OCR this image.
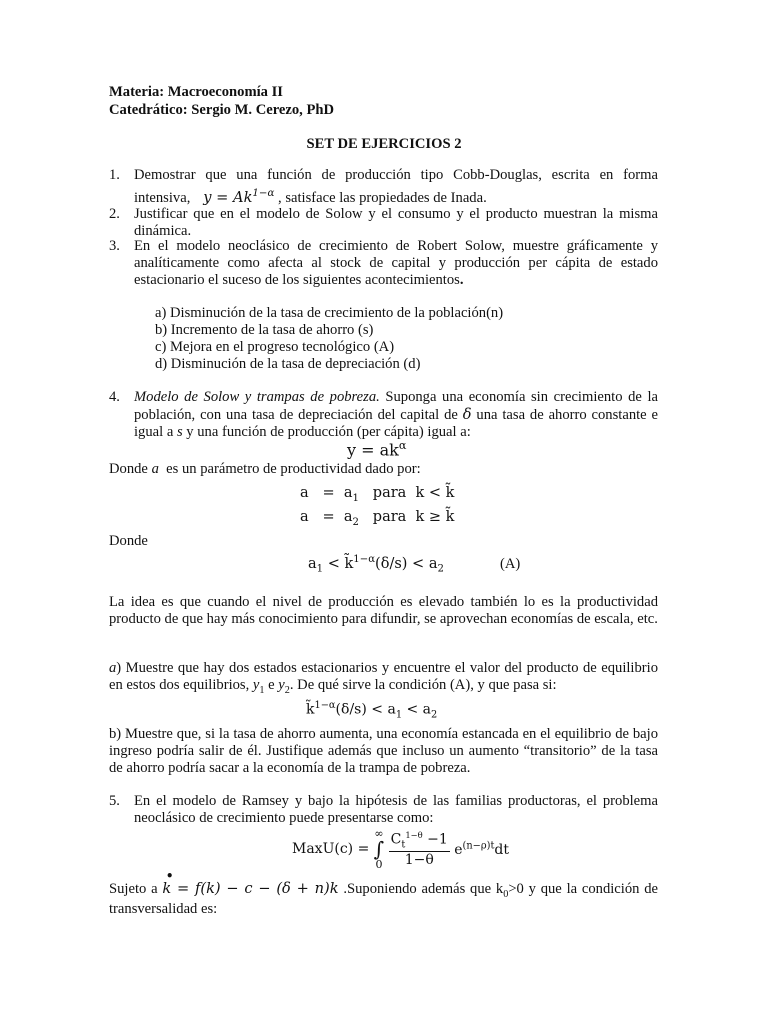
Materia: Macroeconomía II
Catedrático: Sergio M. Cerezo, PhD
SET DE EJERCICIOS 2
1. Demostrar que una función de producción tipo Cobb-Douglas, escrita en forma
intensiva,   $y = Ak^{1-\alpha}$ , satisface las propiedades de Inada.
2. Justificar que en el modelo de Solow y el consumo y el producto muestran la misma dinámica.
3. En el modelo neoclásico de crecimiento de Robert Solow, muestre gráficamente y analíticamente como afecta al stock de capital y producción per cápita de estado estacionario el suceso de los siguientes acontecimientos.
a) Disminución de la tasa de crecimiento de la población(n)
b) Incremento de la tasa de ahorro (s)
c) Mejora en el progreso tecnológico (A)
d) Disminución de la tasa de depreciación (d)
4. Modelo de Solow y trampas de pobreza. Suponga una economía sin crecimiento de la población, con una tasa de depreciación del capital de δ una tasa de ahorro constante e igual a s y una función de producción (per cápita) igual a:
$y = ak^\alpha$
Donde a  es un parámetro de productividad dado por:
$a = a_1$ para  k < k̃
$a = a_2$ para  k ≥ k̃
Donde
$a_1$ < k̃$^{1-\alpha}$(δ/s) < $a_2$	(A)
La idea es que cuando el nivel de producción es elevado también lo es la productividad producto de que hay más conocimiento para difundir, se aprovechan economías de escala, etc.
a) Muestre que hay dos estados estacionarios y encuentre el valor del producto de equilibrio en estos dos equilibrios, $y_1$ e $y_2$. De qué sirve la condición (A), y que pasa si:
k̃$^{1-\alpha}$(δ/s) < $a_1 < a_2$
b) Muestre que, si la tasa de ahorro aumenta, una economía estancada en el equilibrio de bajo ingreso podría salir de él. Justifique además que incluso un aumento “transitorio” de la tasa de ahorro podría sacar a la economía de la trampa de pobreza.
5. En el modelo de Ramsey y bajo la hipótesis de las familias productoras, el problema neoclásico de crecimiento puede presentarse como:
MaxU(c) =
∞
∫
0
$\frac{C_t^{1-\theta} -1}{1-\theta} e^{(n-\rho)t}dt$
Sujeto a k
•
= f(k) − c − (δ + n)k .Suponiendo además que $k_0>0$ y que la condición de
transversalidad es:
